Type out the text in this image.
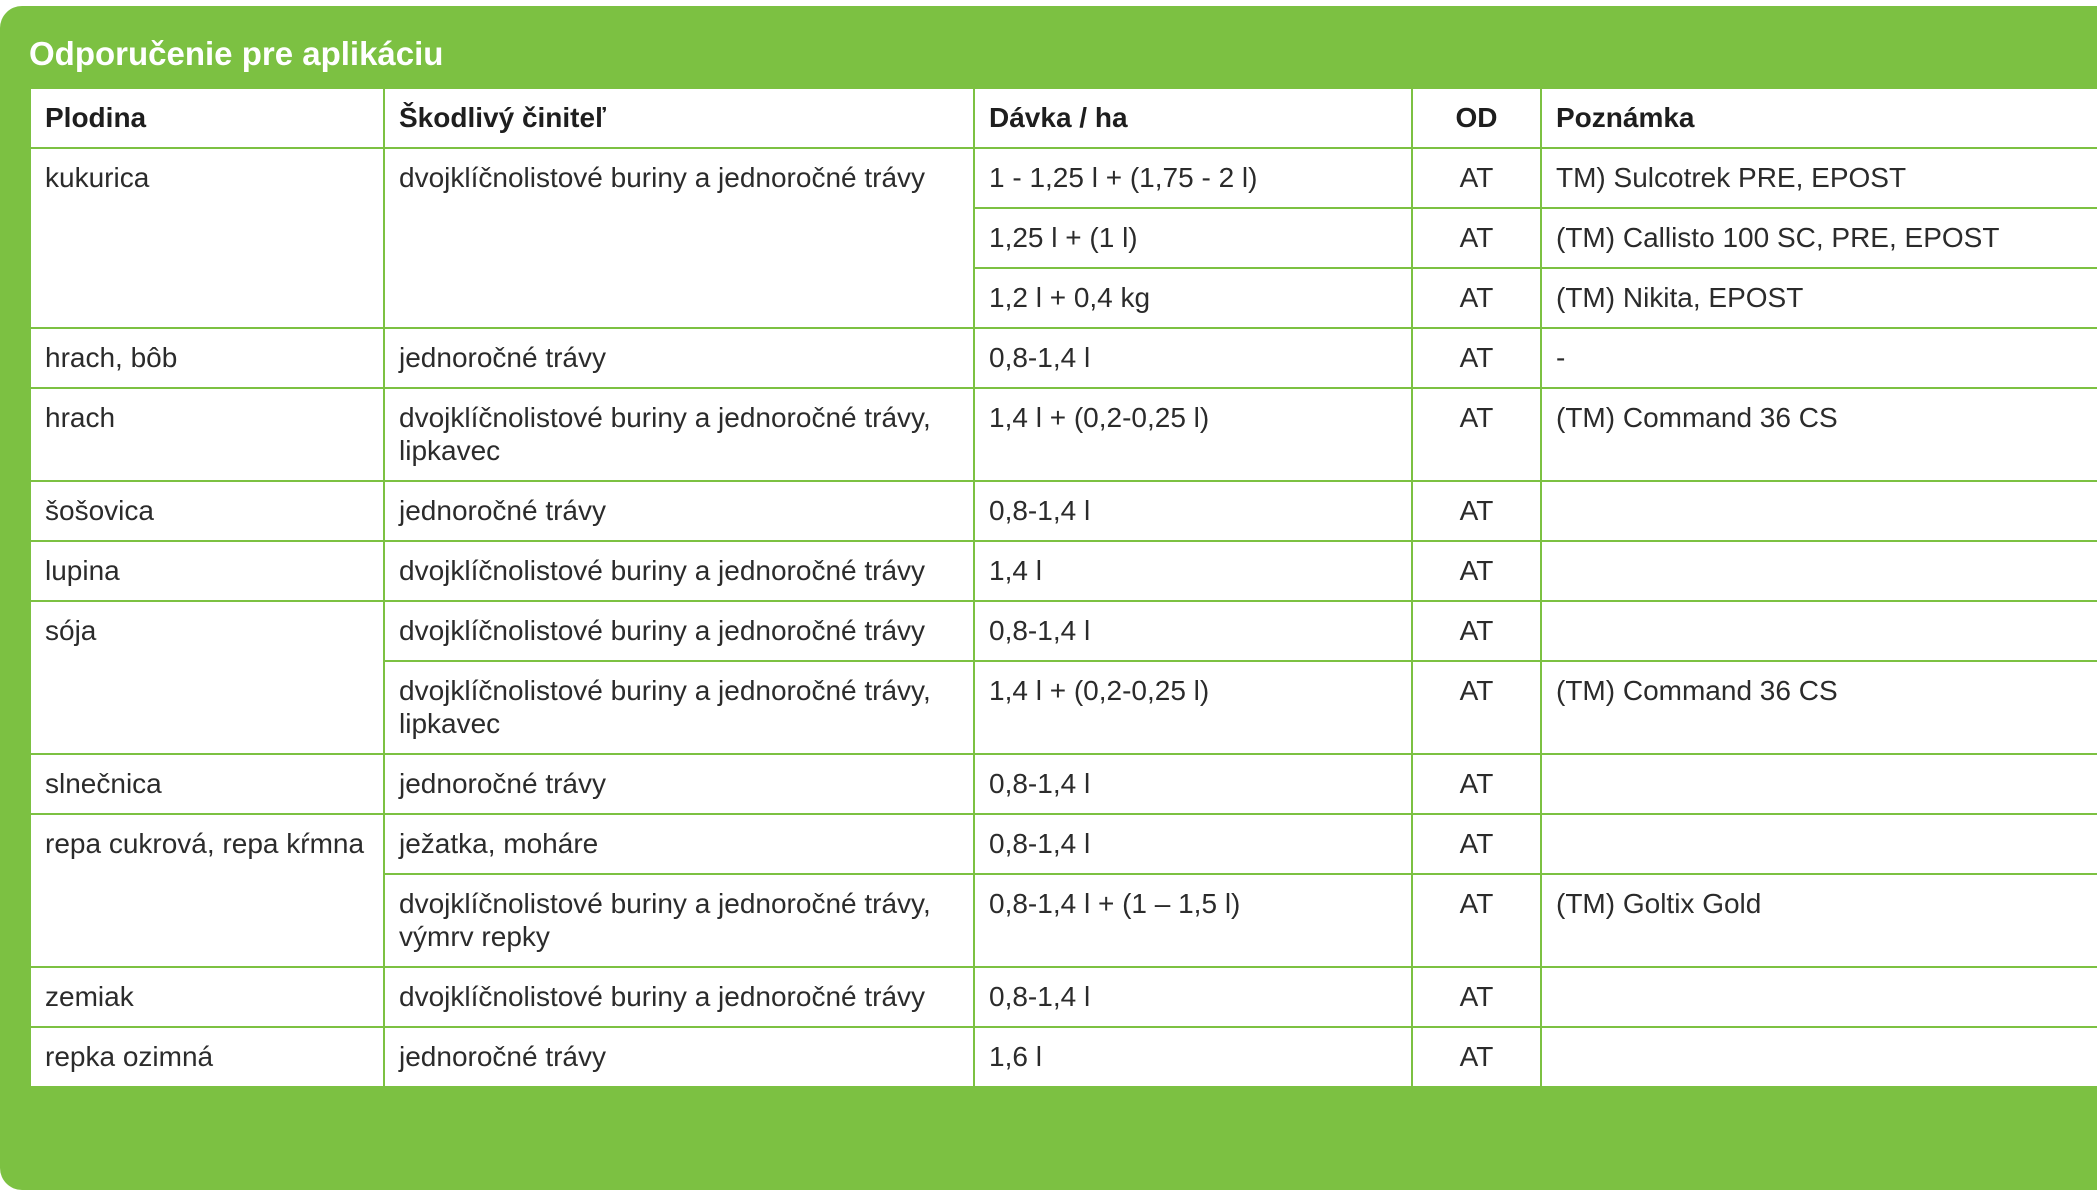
Odporučenie pre aplikáciu
Plodina	Škodlivý činiteľ	Dávka / ha	OD	Poznámka
kukurica	dvojklíčnolistové buriny a jednoročné trávy	1 - 1,25 l + (1,75 - 2 l)	AT	TM) Sulcotrek PRE, EPOST
		1,25 l + (1 l)	AT	(TM) Callisto 100 SC, PRE, EPOST
		1,2 l + 0,4 kg	AT	(TM) Nikita, EPOST
hrach, bôb	jednoročné trávy	0,8-1,4 l	AT	-
hrach	dvojklíčnolistové buriny a jednoročné trávy, lipkavec	1,4 l + (0,2-0,25 l)	AT	(TM) Command 36 CS
šošovica	jednoročné trávy	0,8-1,4 l	AT	
lupina	dvojklíčnolistové buriny a jednoročné trávy	1,4 l	AT	
sója	dvojklíčnolistové buriny a jednoročné trávy	0,8-1,4 l	AT	
	dvojklíčnolistové buriny a jednoročné trávy, lipkavec	1,4 l + (0,2-0,25 l)	AT	(TM) Command 36 CS
slnečnica	jednoročné trávy	0,8-1,4 l	AT	
repa cukrová, repa kŕmna	ježatka, moháre	0,8-1,4 l	AT	
	dvojklíčnolistové buriny a jednoročné trávy, výmrv repky	0,8-1,4 l + (1 – 1,5 l)	AT	(TM) Goltix Gold
zemiak	dvojklíčnolistové buriny a jednoročné trávy	0,8-1,4 l	AT	
repka ozimná	jednoročné trávy	1,6 l	AT	
